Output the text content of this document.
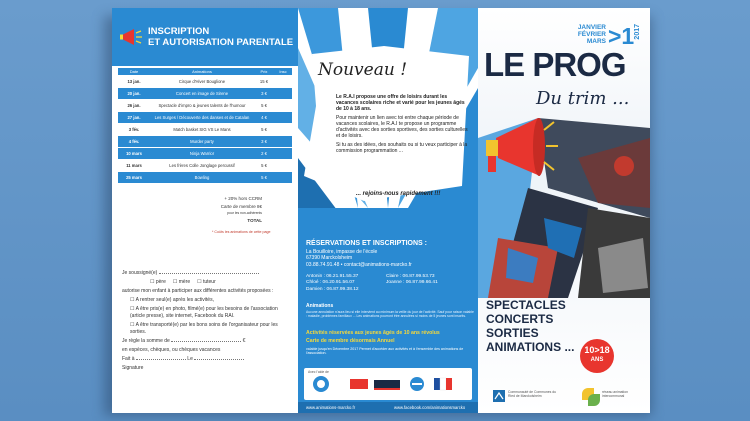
INSCRIPTION
ET AUTORISATION PARENTALE
Date	Animations	Prix	Insc
13 jan.	Cirque d'Hiver Bouglione	15 €	
20 jan.	Concert en image de Sirene	3 €	
26 jan.	Spectacle d'impro & jeunes talents de l'humour	5 €	
27 jan.	Les Surges / Découverte des danses et de Catalan	4 €	
3 fév.	Match basket SIG VS Le Mans	5 €	
4 fév.	Murder party	3 €	
10 mars	Ninja Warrior	2 €	
11 mars	Les frères Colle Jonglage percussif	5 €	
25 mars	Bowling	5 €	
+ 20% hors CCRM
Carte de membre 8€
pour les non-adhérents
TOTAL
* Coûts les animations de cette page
Je soussigné(e)
☐ père     ☐ mère     ☐ tuteur
autorise mon enfant à participer aux différentes activités proposées :
☐ A rentrer seul(e) après les activités,
☐ A être pris(e) en photo, filmé(e) pour les besoins de l'association (article presse), site internet, Facebook du RAI.
☐ A être transporté(e) par les bons soins de l'organisateur pour les sorties.
Je règle la somme de	€
en espèces, chèques, ou chèques vacances
Fait à	Le
Signature
Nouveau !
Le R.A.I propose une offre de loisirs durant les vacances scolaires riche et varié pour les jeunes âgés de 10 à 18 ans.
Pour maintenir un lien avec toi entre chaque période de vacances scolaires, le R.A.I te propose un programme d'activités avec des sorties sportives, des sorties culturelles et de loisirs.
Si tu as des idées, des souhaits ou si tu veux participer à la commission programmation ...
... rejoins-nous rapidement !!!
RÉSERVATIONS ET INSCRIPTIONS :
La Bouilloire, impasse de l'école
67390 Marckolsheim
03.88.74.91.48 • contact@animations-marcko.fr
Antonin : 06.21.91.55.37
Chloé : 06.20.91.56.07
Damien : 06.87.99.38.12
Claire : 06.87.99.53.73
Joanne : 06.87.99.66.41
Animations
Aucune annulation n'aura lieu si elle intervient au minimum la veille du jour de l'activité. Sauf pour raison valable : maladie, problèmes familiaux ... Les animations pourront être annulées si moins de 5 jeunes sont inscrits.
Activités réservées aux jeunes âgés de 10 ans révolus
Carte de membre désormais Annuel
valable jusqu'en Décembre 2017 Permet d'accéder aux activités et à l'ensemble des animations de l'association.
Avec l'aide de
www.animations-marcko.fr	www.facebook.com/animationsmarcko
JANVIER
FÉVRIER
MARS >1 2017
LE PROG
Du trim ...
SPECTACLES
CONCERTS
SORTIES
ANIMATIONS ...	10>18
ANS
Communauté de Communes du Ried de Marckolsheim
réseau animation intercommunal
